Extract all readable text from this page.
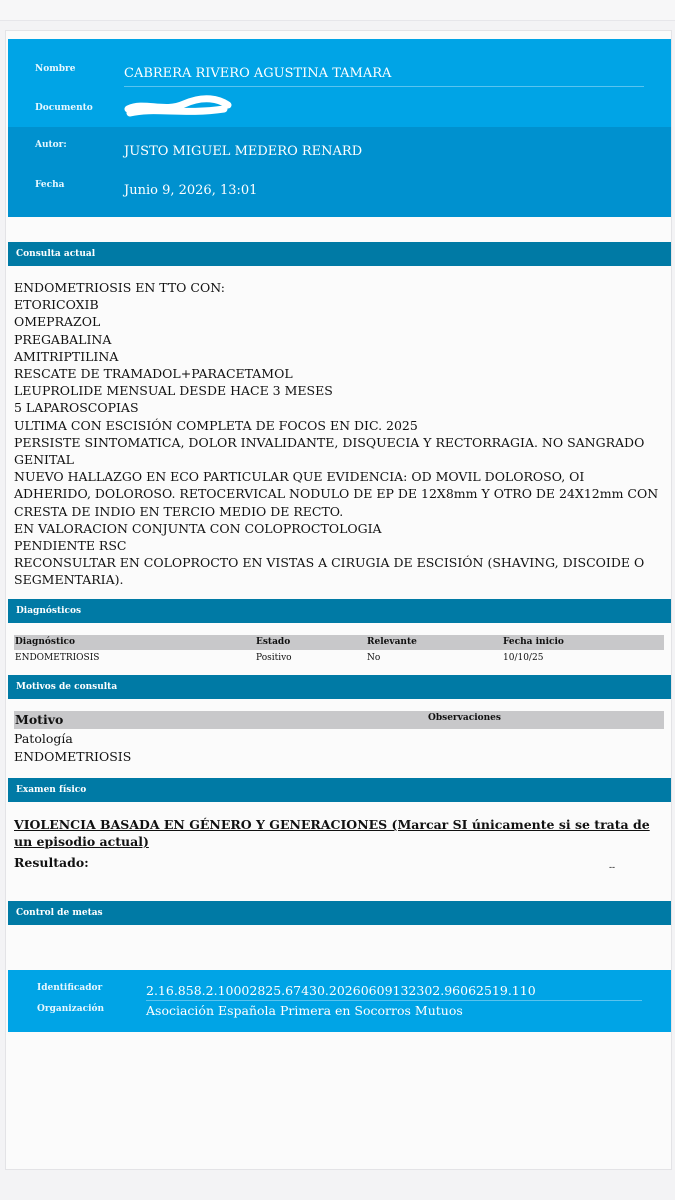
Nombre	CABRERA RIVERO AGUSTINA TAMARA
Documento
Autor:	JUSTO MIGUEL MEDERO RENARD
Fecha	Junio 9, 2026, 13:01
Consulta actual
ENDOMETRIOSIS EN TTO CON:
ETORICOXIB
OMEPRAZOL
PREGABALINA
AMITRIPTILINA
RESCATE DE TRAMADOL+PARACETAMOL
LEUPROLIDE MENSUAL DESDE HACE 3 MESES
5 LAPAROSCOPIAS
ULTIMA CON ESCISIÓN COMPLETA DE FOCOS EN DIC. 2025
PERSISTE SINTOMATICA, DOLOR INVALIDANTE, DISQUECIA Y RECTORRAGIA. NO SANGRADO
GENITAL
NUEVO HALLAZGO EN ECO PARTICULAR QUE EVIDENCIA: OD MOVIL DOLOROSO, OI
ADHERIDO, DOLOROSO. RETOCERVICAL NODULO DE EP DE 12X8mm Y OTRO DE 24X12mm CON
CRESTA DE INDIO EN TERCIO MEDIO DE RECTO.
EN VALORACION CONJUNTA CON COLOPROCTOLOGIA
PENDIENTE RSC
RECONSULTAR EN COLOPROCTO EN VISTAS A CIRUGIA DE ESCISIÓN (SHAVING, DISCOIDE O
SEGMENTARIA).
Diagnósticos
Diagnóstico	Estado	Relevante	Fecha inicio
ENDOMETRIOSIS	Positivo	No	10/10/25
Motivos de consulta
Motivo	Observaciones
Patología
ENDOMETRIOSIS
Examen físico
VIOLENCIA BASADA EN GÉNERO Y GENERACIONES (Marcar SI únicamente si se trata de un episodio actual)
Resultado:	--
Control de metas
Identificador	2.16.858.2.10002825.67430.20260609132302.96062519.110
Organización	Asociación Española Primera en Socorros Mutuos
